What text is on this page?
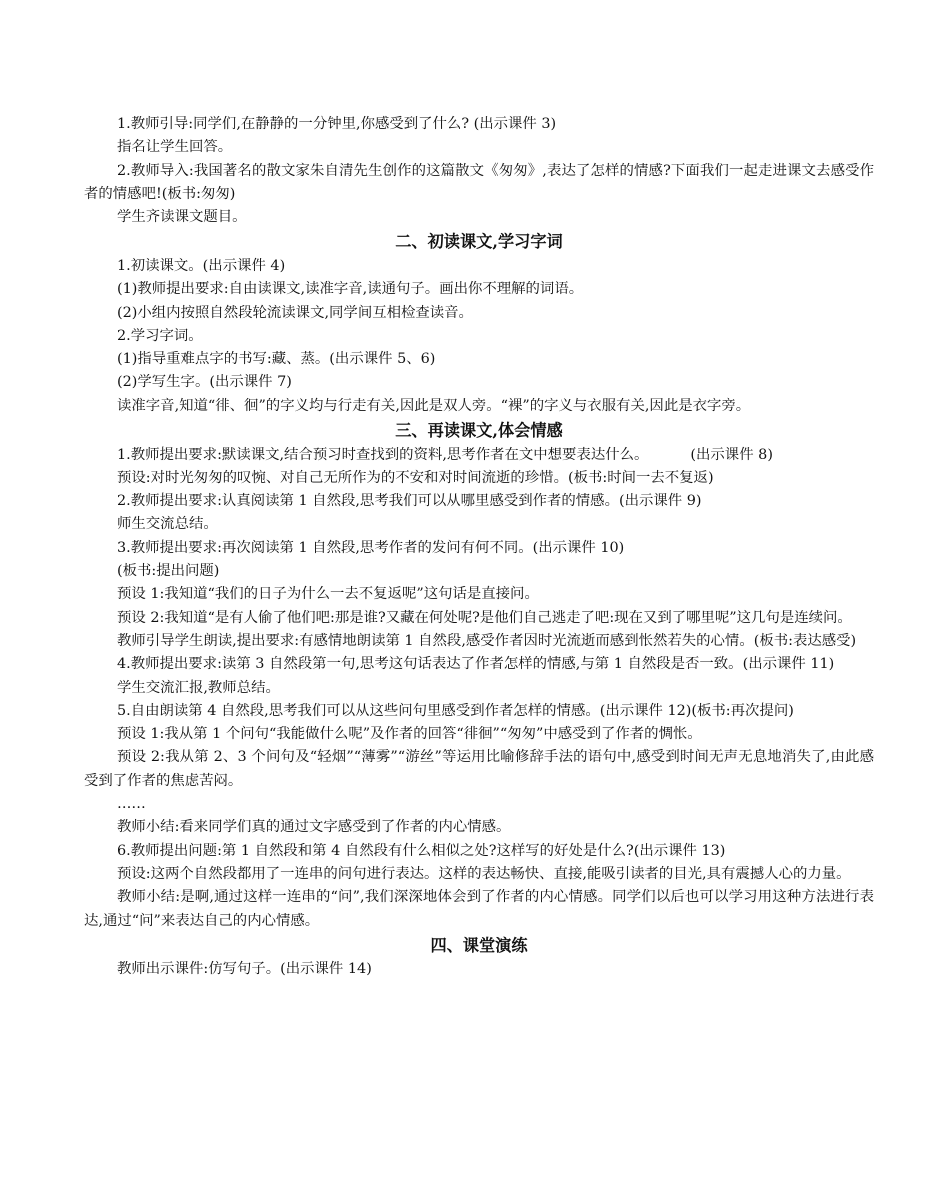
1.教师引导:同学们,在静静的一分钟里,你感受到了什么? (出示课件 3)

指名让学生回答。

2.教师导入:我国著名的散文家朱自清先生创作的这篇散文《匆匆》,表达了怎样的情感?下面我们一起走进课文去感受作者的情感吧!(板书:匆匆)

学生齐读课文题目。

二、初读课文,学习字词

1.初读课文。(出示课件 4)

(1)教师提出要求:自由读课文,读准字音,读通句子。画出你不理解的词语。

(2)小组内按照自然段轮流读课文,同学间互相检查读音。

2.学习字词。

(1)指导重难点字的书写:藏、蒸。(出示课件 5、6)

(2)学写生字。(出示课件 7)

读准字音,知道“徘、徊”的字义均与行走有关,因此是双人旁。“裸”的字义与衣服有关,因此是衣字旁。

三、再读课文,体会情感

1.教师提出要求:默读课文,结合预习时查找到的资料,思考作者在文中想要表达什么。	(出示课件 8)

预设:对时光匆匆的叹惋、对自己无所作为的不安和对时间流逝的珍惜。(板书:时间一去不复返)

2.教师提出要求:认真阅读第 1 自然段,思考我们可以从哪里感受到作者的情感。(出示课件 9)

师生交流总结。

3.教师提出要求:再次阅读第 1 自然段,思考作者的发问有何不同。(出示课件 10)

(板书:提出问题)

预设 1:我知道“我们的日子为什么一去不复返呢”这句话是直接问。

预设 2:我知道“是有人偷了他们吧:那是谁?又藏在何处呢?是他们自己逃走了吧:现在又到了哪里呢”这几句是连续问。

教师引导学生朗读,提出要求:有感情地朗读第 1 自然段,感受作者因时光流逝而感到怅然若失的心情。(板书:表达感受)

4.教师提出要求:读第 3 自然段第一句,思考这句话表达了作者怎样的情感,与第 1 自然段是否一致。(出示课件 11)

学生交流汇报,教师总结。

5.自由朗读第 4 自然段,思考我们可以从这些问句里感受到作者怎样的情感。(出示课件 12)(板书:再次提问)

预设 1:我从第 1 个问句“我能做什么呢”及作者的回答“徘徊”“匆匆”中感受到了作者的惆怅。

预设 2:我从第 2、3 个问句及“轻烟”“薄雾”“游丝”等运用比喻修辞手法的语句中,感受到时间无声无息地消失了,由此感受到了作者的焦虑苦闷。

……

教师小结:看来同学们真的通过文字感受到了作者的内心情感。

6.教师提出问题:第 1 自然段和第 4 自然段有什么相似之处?这样写的好处是什么?(出示课件 13)

预设:这两个自然段都用了一连串的问句进行表达。这样的表达畅快、直接,能吸引读者的目光,具有震撼人心的力量。

教师小结:是啊,通过这样一连串的“问”,我们深深地体会到了作者的内心情感。同学们以后也可以学习用这种方法进行表达,通过“问”来表达自己的内心情感。

四、课堂演练

教师出示课件:仿写句子。(出示课件 14)
